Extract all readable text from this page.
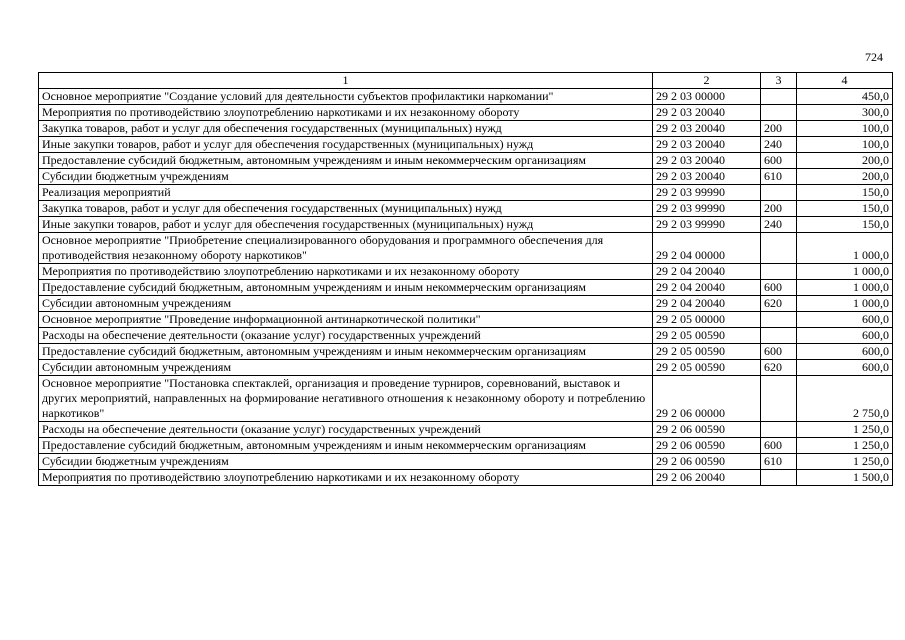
724
1	2	3	4
Основное мероприятие "Создание условий для деятельности субъектов профилактики наркомании"	29 2 03 00000		450,0
Мероприятия по противодействию злоупотреблению наркотиками и их незаконному обороту	29 2 03 20040		300,0
Закупка товаров, работ и услуг для обеспечения государственных (муниципальных) нужд	29 2 03 20040	200	100,0
Иные закупки товаров, работ и услуг для обеспечения государственных (муниципальных) нужд	29 2 03 20040	240	100,0
Предоставление субсидий бюджетным, автономным учреждениям и иным некоммерческим организациям	29 2 03 20040	600	200,0
Субсидии бюджетным учреждениям	29 2 03 20040	610	200,0
Реализация мероприятий	29 2 03 99990		150,0
Закупка товаров, работ и услуг для обеспечения государственных (муниципальных) нужд	29 2 03 99990	200	150,0
Иные закупки товаров, работ и услуг для обеспечения государственных (муниципальных) нужд	29 2 03 99990	240	150,0
Основное мероприятие "Приобретение специализированного оборудования и программного обеспечения для противодействия незаконному обороту наркотиков"	29 2 04 00000		1 000,0
Мероприятия по противодействию злоупотреблению наркотиками и их незаконному обороту	29 2 04 20040		1 000,0
Предоставление субсидий бюджетным, автономным учреждениям и иным некоммерческим организациям	29 2 04 20040	600	1 000,0
Субсидии автономным учреждениям	29 2 04 20040	620	1 000,0
Основное мероприятие "Проведение информационной антинаркотической политики"	29 2 05 00000		600,0
Расходы на обеспечение деятельности (оказание услуг) государственных учреждений	29 2 05 00590		600,0
Предоставление субсидий бюджетным, автономным учреждениям и иным некоммерческим организациям	29 2 05 00590	600	600,0
Субсидии автономным учреждениям	29 2 05 00590	620	600,0
Основное мероприятие "Постановка спектаклей, организация и проведение турниров, соревнований, выставок и других мероприятий, направленных на формирование негативного отношения к незаконному обороту и потреблению наркотиков"	29 2 06 00000		2 750,0
Расходы на обеспечение деятельности (оказание услуг) государственных учреждений	29 2 06 00590		1 250,0
Предоставление субсидий бюджетным, автономным учреждениям и иным некоммерческим организациям	29 2 06 00590	600	1 250,0
Субсидии бюджетным учреждениям	29 2 06 00590	610	1 250,0
Мероприятия по противодействию злоупотреблению наркотиками и их незаконному обороту	29 2 06 20040		1 500,0
